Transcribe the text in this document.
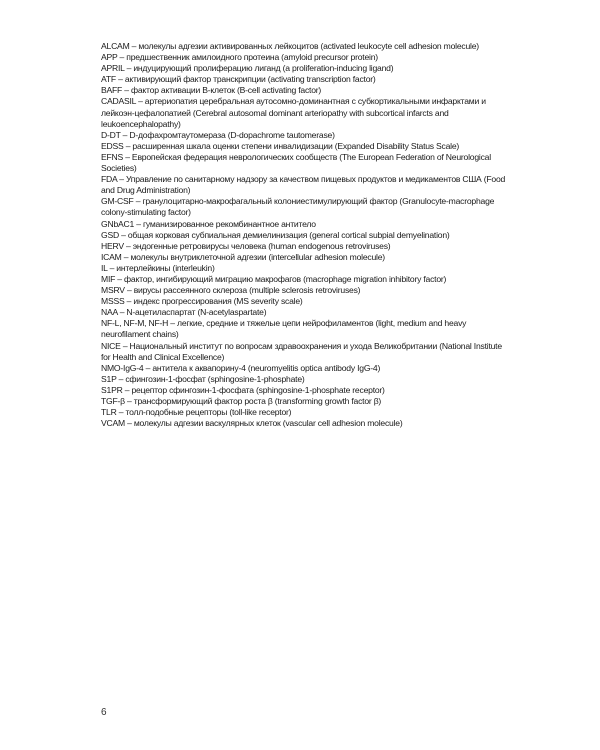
ALCAM – молекулы адгезии активированных лейкоцитов (activated leukocyte cell adhesion molecule)
APP – предшественник амилоидного протеина (amyloid precursor protein)
APRIL – индуцирующий пролиферацию лиганд (a proliferation-inducing ligand)
ATF – активирующий фактор транскрипции (activating transcription factor)
BAFF – фактор активации B-клеток (B-cell activating factor)
CADASIL – артериопатия церебральная аутосомно-доминантная с субкортикальными инфарктами и лейкоэн-цефалопатией (Cerebral autosomal dominant arteriopathy with subcortical infarcts and leukoencephalopathy)
D-DT – D-дофахромтаутомераза (D-dopachrome tautomerase)
EDSS – расширенная шкала оценки степени инвалидизации (Expanded Disability Status Scale)
EFNS – Европейская федерация неврологических сообществ (The European Federation of Neurological Societies)
FDA – Управление по санитарному надзору за качеством пищевых продуктов и медикаментов США (Food and Drug Administration)
GM-CSF – гранулоцитарно-макрофагальный колониестимулирующий фактор (Granulocyte-macrophage colony-stimulating factor)
GNbAC1 – гуманизированное рекомбинантное антитело
GSD – общая корковая субпиальная демиелинизация (general cortical subpial demyelination)
HERV – эндогенные ретровирусы человека (human endogenous retroviruses)
ICAM – молекулы внутриклеточной адгезии (intercellular adhesion molecule)
IL – интерлейкины (interleukin)
MIF – фактор, ингибирующий миграцию макрофагов (macrophage migration inhibitory factor)
MSRV – вирусы рассеянного склероза (multiple sclerosis retroviruses)
MSSS – индекс прогрессирования (MS severity scale)
NAA – N-ацетиласпартат (N-acetylaspartate)
NF-L, NF-M, NF-H – легкие, средние и тяжелые цепи нейрофиламентов (light, medium and heavy neurofilament chains)
NICE – Национальный институт по вопросам здравоохранения и ухода Великобритании (National Institute for Health and Clinical Excellence)
NMO-IgG-4 – антитела к аквапорину-4 (neuromyelitis optica antibody IgG-4)
S1P – сфингозин-1-фосфат (sphingosine-1-phosphate)
S1PR – рецептор сфингозин-1-фосфата (sphingosine-1-phosphate receptor)
TGF-β – трансформирующий фактор роста β (transforming growth factor β)
TLR – толл-подобные рецепторы (toll-like receptor)
VCAM – молекулы адгезии васкулярных клеток (vascular cell adhesion molecule)
6
